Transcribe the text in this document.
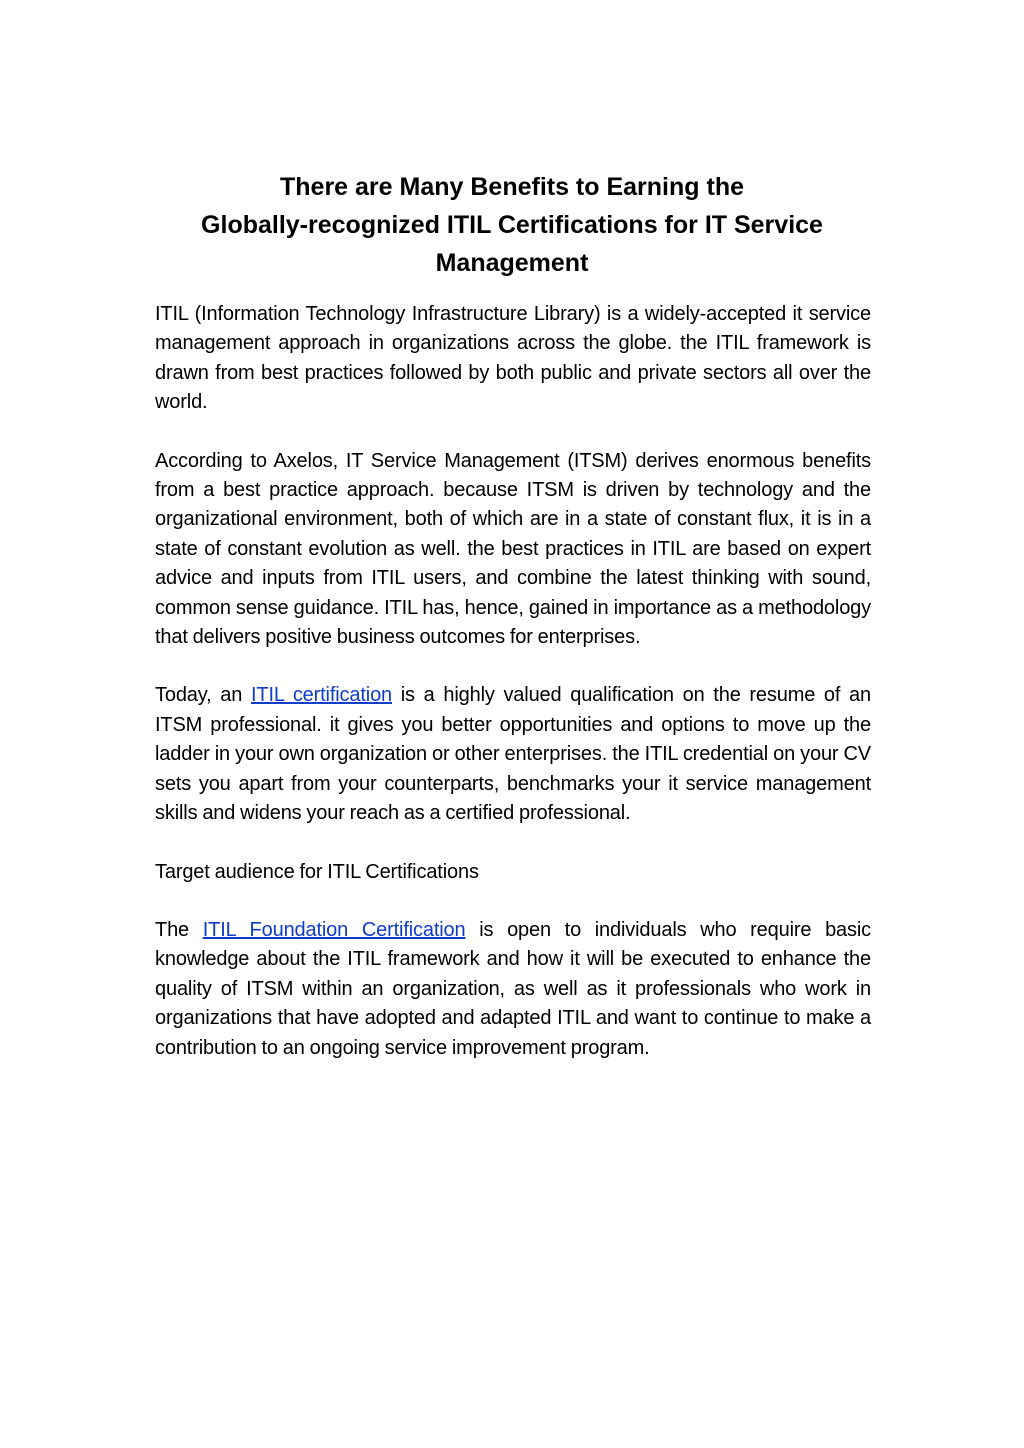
There are Many Benefits to Earning the
Globally-recognized ITIL Certifications for IT Service
Management

ITIL (Information Technology Infrastructure Library) is a widely-accepted it service management approach in organizations across the globe. the ITIL framework is drawn from best practices followed by both public and private sectors all over the world.

According to Axelos, IT Service Management (ITSM) derives enormous benefits from a best practice approach. because ITSM is driven by technology and the organizational environment, both of which are in a state of constant flux, it is in a state of constant evolution as well. the best practices in ITIL are based on expert advice and inputs from ITIL users, and combine the latest thinking with sound, common sense guidance. ITIL has, hence, gained in importance as a methodology that delivers positive business outcomes for enterprises.

Today, an ITIL certification is a highly valued qualification on the resume of an ITSM professional. it gives you better opportunities and options to move up the ladder in your own organization or other enterprises. the ITIL credential on your CV sets you apart from your counterparts, benchmarks your it service management skills and widens your reach as a certified professional.

Target audience for ITIL Certifications

The ITIL Foundation Certification is open to individuals who require basic knowledge about the ITIL framework and how it will be executed to enhance the quality of ITSM within an organization, as well as it professionals who work in organizations that have adopted and adapted ITIL and want to continue to make a contribution to an ongoing service improvement program.
